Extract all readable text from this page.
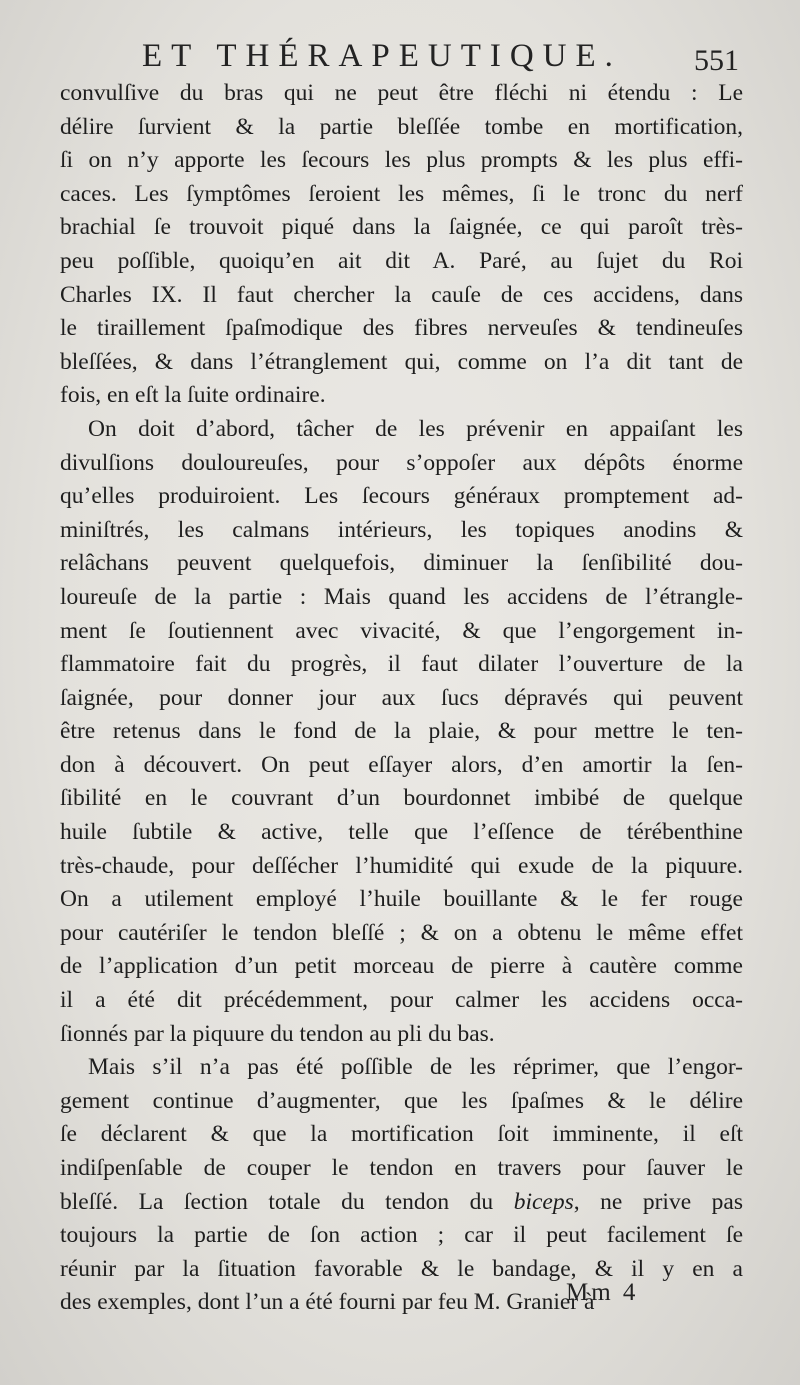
ET THÉRAPEUTIQUE. 551
convulſive du bras qui ne peut être fléchi ni étendu : Le
délire ſurvient & la partie bleſſée tombe en mortification,
ſi on n’y apporte les ſecours les plus prompts & les plus effi-
caces. Les ſymptômes ſeroient les mêmes, ſi le tronc du nerf
brachial ſe trouvoit piqué dans la ſaignée, ce qui paroît très-
peu poſſible, quoiqu’en ait dit A. Paré, au ſujet du Roi
Charles IX. Il faut chercher la cauſe de ces accidens, dans
le tiraillement ſpaſmodique des fibres nerveuſes & tendineuſes
bleſſées, & dans l’étranglement qui, comme on l’a dit tant de
fois, en eſt la ſuite ordinaire.
On doit d’abord, tâcher de les prévenir en appaiſant les
divulſions douloureuſes, pour s’oppoſer aux dépôts énorme
qu’elles produiroient. Les ſecours généraux promptement ad-
miniſtrés, les calmans intérieurs, les topiques anodins &
relâchans peuvent quelquefois, diminuer la ſenſibilité dou-
loureuſe de la partie : Mais quand les accidens de l’étrangle-
ment ſe ſoutiennent avec vivacité, & que l’engorgement in-
flammatoire fait du progrès, il faut dilater l’ouverture de la
ſaignée, pour donner jour aux ſucs dépravés qui peuvent
être retenus dans le fond de la plaie, & pour mettre le ten-
don à découvert. On peut eſſayer alors, d’en amortir la ſen-
ſibilité en le couvrant d’un bourdonnet imbibé de quelque
huile ſubtile & active, telle que l’eſſence de térébenthine
très-chaude, pour deſſécher l’humidité qui exude de la piquure.
On a utilement employé l’huile bouillante & le fer rouge
pour cautériſer le tendon bleſſé ; & on a obtenu le même effet
de l’application d’un petit morceau de pierre à cautère comme
il a été dit précédemment, pour calmer les accidens occa-
ſionnés par la piquure du tendon au pli du bas.
Mais s’il n’a pas été poſſible de les réprimer, que l’engor-
gement continue d’augmenter, que les ſpaſmes & le délire
ſe déclarent & que la mortification ſoit imminente, il eſt
indiſpenſable de couper le tendon en travers pour ſauver le
bleſſé. La ſection totale du tendon du biceps, ne prive pas
toujours la partie de ſon action ; car il peut facilement ſe
réunir par la ſituation favorable & le bandage, & il y en a
des exemples, dont l’un a été fourni par feu M. Granier à
Mm 4
